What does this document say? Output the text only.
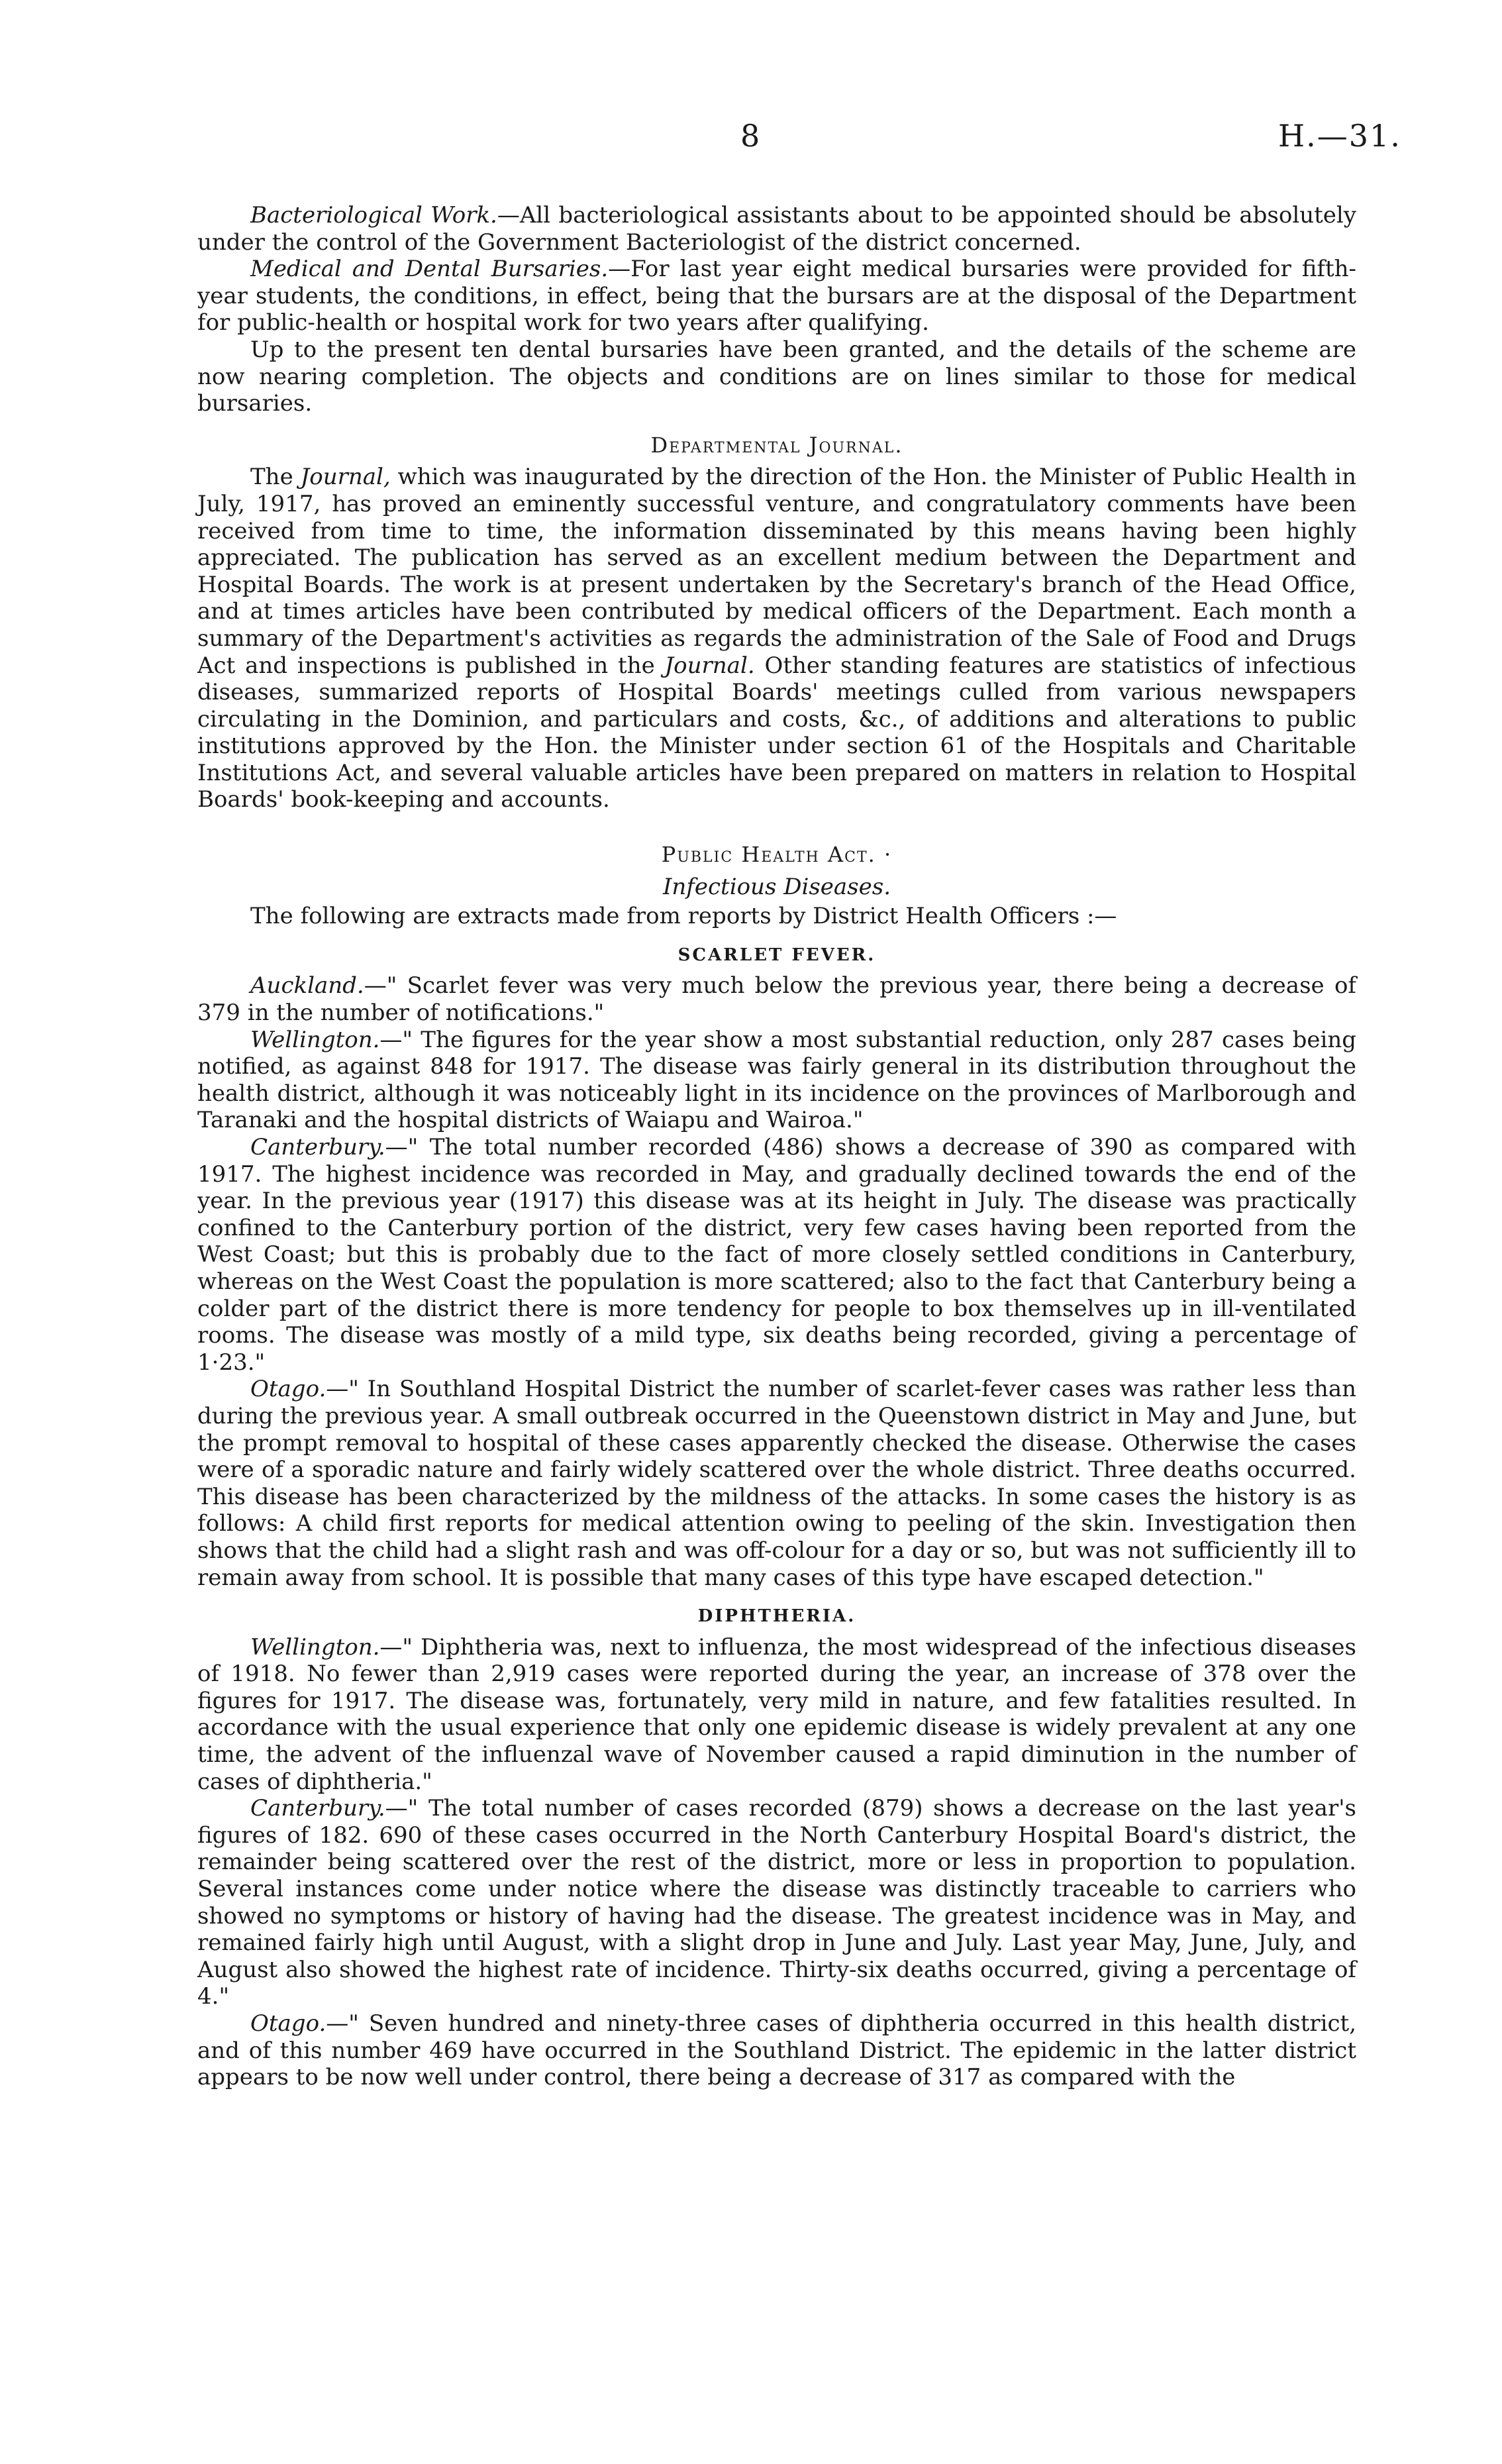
8	H.—31.

Bacteriological Work.—All bacteriological assistants about to be appointed should be absolutely under the control of the Government Bacteriologist of the district concerned.

Medical and Dental Bursaries.—For last year eight medical bursaries were provided for fifth-year students, the conditions, in effect, being that the bursars are at the disposal of the Department for public-health or hospital work for two years after qualifying.

Up to the present ten dental bursaries have been granted, and the details of the scheme are now nearing completion. The objects and conditions are on lines similar to those for medical bursaries.

Departmental Journal.

The Journal, which was inaugurated by the direction of the Hon. the Minister of Public Health in July, 1917, has proved an eminently successful venture, and congratulatory comments have been received from time to time, the information disseminated by this means having been highly appreciated. The publication has served as an excellent medium between the Department and Hospital Boards. The work is at present undertaken by the Secretary's branch of the Head Office, and at times articles have been contributed by medical officers of the Department. Each month a summary of the Department's activities as regards the administration of the Sale of Food and Drugs Act and inspections is published in the Journal. Other standing features are statistics of infectious diseases, summarized reports of Hospital Boards' meetings culled from various newspapers circulating in the Dominion, and particulars and costs, &c., of additions and alterations to public institutions approved by the Hon. the Minister under section 61 of the Hospitals and Charitable Institutions Act, and several valuable articles have been prepared on matters in relation to Hospital Boards' book-keeping and accounts.

Public Health Act. ·

Infectious Diseases.

The following are extracts made from reports by District Health Officers :—

SCARLET FEVER.

Auckland.—" Scarlet fever was very much below the previous year, there being a decrease of 379 in the number of notifications."

Wellington.—" The figures for the year show a most substantial reduction, only 287 cases being notified, as against 848 for 1917. The disease was fairly general in its distribution throughout the health district, although it was noticeably light in its incidence on the provinces of Marlborough and Taranaki and the hospital districts of Waiapu and Wairoa."

Canterbury.—" The total number recorded (486) shows a decrease of 390 as compared with 1917. The highest incidence was recorded in May, and gradually declined towards the end of the year. In the previous year (1917) this disease was at its height in July. The disease was practically confined to the Canterbury portion of the district, very few cases having been reported from the West Coast; but this is probably due to the fact of more closely settled conditions in Canterbury, whereas on the West Coast the population is more scattered; also to the fact that Canterbury being a colder part of the district there is more tendency for people to box themselves up in ill-ventilated rooms. The disease was mostly of a mild type, six deaths being recorded, giving a percentage of 1·23."

Otago.—" In Southland Hospital District the number of scarlet-fever cases was rather less than during the previous year. A small outbreak occurred in the Queenstown district in May and June, but the prompt removal to hospital of these cases apparently checked the disease. Otherwise the cases were of a sporadic nature and fairly widely scattered over the whole district. Three deaths occurred. This disease has been characterized by the mildness of the attacks. In some cases the history is as follows: A child first reports for medical attention owing to peeling of the skin. Investigation then shows that the child had a slight rash and was off-colour for a day or so, but was not sufficiently ill to remain away from school. It is possible that many cases of this type have escaped detection."

DIPHTHERIA.

Wellington.—" Diphtheria was, next to influenza, the most widespread of the infectious diseases of 1918. No fewer than 2,919 cases were reported during the year, an increase of 378 over the figures for 1917. The disease was, fortunately, very mild in nature, and few fatalities resulted. In accordance with the usual experience that only one epidemic disease is widely prevalent at any one time, the advent of the influenzal wave of November caused a rapid diminution in the number of cases of diphtheria."

Canterbury.—" The total number of cases recorded (879) shows a decrease on the last year's figures of 182. 690 of these cases occurred in the North Canterbury Hospital Board's district, the remainder being scattered over the rest of the district, more or less in proportion to population. Several instances come under notice where the disease was distinctly traceable to carriers who showed no symptoms or history of having had the disease. The greatest incidence was in May, and remained fairly high until August, with a slight drop in June and July. Last year May, June, July, and August also showed the highest rate of incidence. Thirty-six deaths occurred, giving a percentage of 4."

Otago.—" Seven hundred and ninety-three cases of diphtheria occurred in this health district, and of this number 469 have occurred in the Southland District. The epidemic in the latter district appears to be now well under control, there being a decrease of 317 as compared with the
